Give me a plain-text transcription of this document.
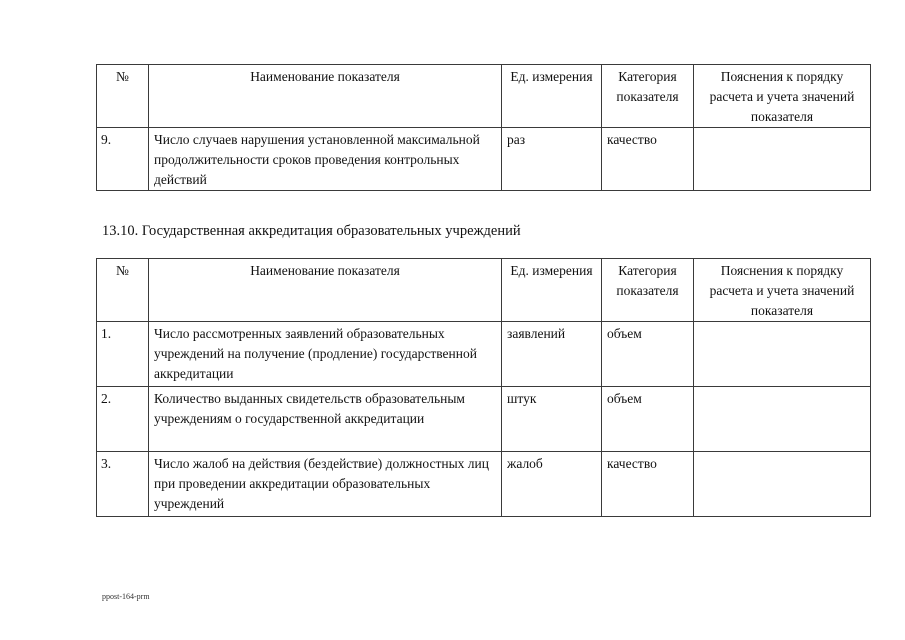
№	Наименование показателя	Ед. измерения	Категория показателя	Пояснения к порядку расчета и учета значений показателя
9.	Число случаев нарушения установленной максимальной продолжительности сроков проведения контрольных действий	раз	качество	
13.10. Государственная аккредитация образовательных учреждений
№	Наименование показателя	Ед. измерения	Категория показателя	Пояснения к порядку расчета и учета значений показателя
1.	Число рассмотренных заявлений образовательных учреждений на получение (продление) государственной аккредитации	заявлений	объем	
2.	Количество выданных свидетельств образовательным учреждениям о государственной аккредитации	штук	объем	
3.	Число жалоб на действия (бездействие) должностных лиц при проведении аккредитации образовательных учреждений	жалоб	качество	
ppost-164-prm
